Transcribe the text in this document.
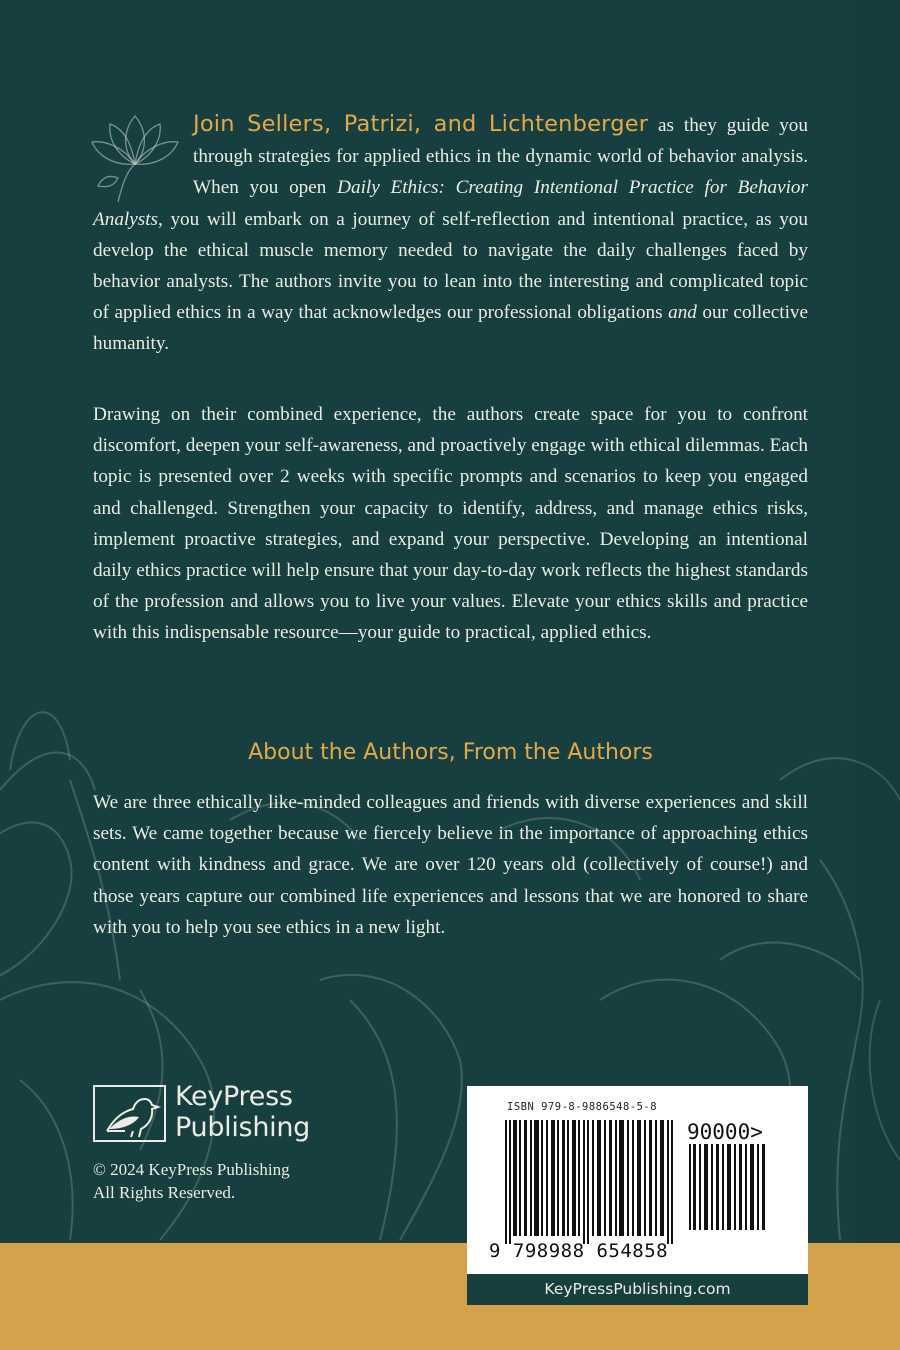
Join Sellers, Patrizi, and Lichtenberger as they guide you through strategies for applied ethics in the dynamic world of behavior analysis. When you open Daily Ethics: Creating Intentional Practice for Behavior Analysts, you will embark on a journey of self-reflection and intentional practice, as you develop the ethical muscle memory needed to navigate the daily challenges faced by behavior analysts. The authors invite you to lean into the interesting and complicated topic of applied ethics in a way that acknowledges our professional obligations and our collective humanity.
Drawing on their combined experience, the authors create space for you to confront discomfort, deepen your self-awareness, and proactively engage with ethical dilemmas. Each topic is presented over 2 weeks with specific prompts and scenarios to keep you engaged and challenged. Strengthen your capacity to identify, address, and manage ethics risks, implement proactive strategies, and expand your perspective. Developing an intentional daily ethics practice will help ensure that your day-to-day work reflects the highest standards of the profession and allows you to live your values. Elevate your ethics skills and practice with this indispensable resource—your guide to practical, applied ethics.
About the Authors, From the Authors
We are three ethically like-minded colleagues and friends with diverse experiences and skill sets. We came together because we fiercely believe in the importance of approaching ethics content with kindness and grace. We are over 120 years old (collectively of course!) and those years capture our combined life experiences and lessons that we are honored to share with you to help you see ethics in a new light.
KeyPress
Publishing
© 2024 KeyPress Publishing
All Rights Reserved.
ISBN 979-8-9886548-5-8
90000>
9 798988 654858
KeyPressPublishing.com
